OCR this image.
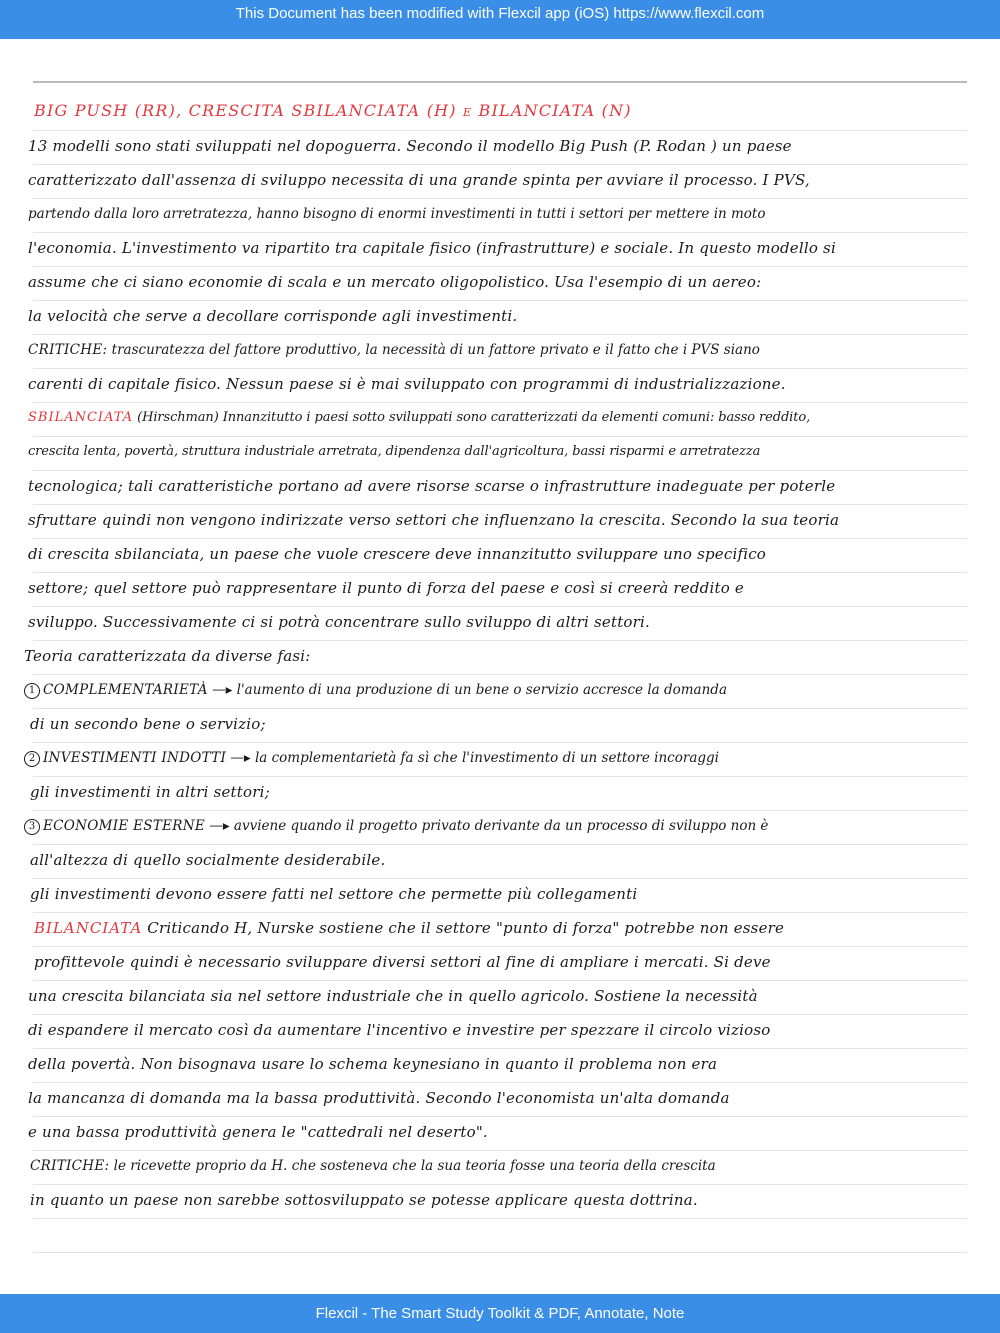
This Document has been modified with Flexcil app (iOS) https://www.flexcil.com
BIG PUSH (RR), CRESCITA SBILANCIATA (H) e BILANCIATA (N)
13 modelli sono stati sviluppati nel dopoguerra. Secondo il modello Big Push (P. Rodan ) un paese
caratterizzato dall'assenza di sviluppo necessita di una grande spinta per avviare il processo. I PVS,
partendo dalla loro arretratezza, hanno bisogno di enormi investimenti in tutti i settori per mettere in moto
l'economia. L'investimento va ripartito tra capitale fisico (infrastrutture) e sociale. In questo modello si
assume che ci siano economie di scala e un mercato oligopolistico. Usa l'esempio di un aereo:
la velocità che serve a decollare corrisponde agli investimenti.
CRITICHE: trascuratezza del fattore produttivo, la necessità di un fattore privato e il fatto che i PVS siano
carenti di capitale fisico. Nessun paese si è mai sviluppato con programmi di industrializzazione.
SBILANCIATA (Hirschman) Innanzitutto i paesi sotto sviluppati sono caratterizzati da elementi comuni: basso reddito,
crescita lenta, povertà, struttura industriale arretrata, dipendenza dall'agricoltura, bassi risparmi e arretratezza
tecnologica; tali caratteristiche portano ad avere risorse scarse o infrastrutture inadeguate per poterle
sfruttare quindi non vengono indirizzate verso settori che influenzano la crescita. Secondo la sua teoria
di crescita sbilanciata, un paese che vuole crescere deve innanzitutto sviluppare uno specifico
settore; quel settore può rappresentare il punto di forza del paese e così si creerà reddito e
sviluppo. Successivamente ci si potrà concentrare sullo sviluppo di altri settori.
Teoria caratterizzata da diverse fasi:
1 COMPLEMENTARIETÀ —▸ l'aumento di una produzione di un bene o servizio accresce la domanda
di un secondo bene o servizio;
2 INVESTIMENTI INDOTTI —▸ la complementarietà fa sì che l'investimento di un settore incoraggi
gli investimenti in altri settori;
3 ECONOMIE ESTERNE —▸ avviene quando il progetto privato derivante da un processo di sviluppo non è
all'altezza di quello socialmente desiderabile.
gli investimenti devono essere fatti nel settore che permette più collegamenti
BILANCIATA Criticando H, Nurske sostiene che il settore "punto di forza" potrebbe non essere
profittevole quindi è necessario sviluppare diversi settori al fine di ampliare i mercati. Si deve
una crescita bilanciata sia nel settore industriale che in quello agricolo. Sostiene la necessità
di espandere il mercato così da aumentare l'incentivo e investire per spezzare il circolo vizioso
della povertà. Non bisognava usare lo schema keynesiano in quanto il problema non era
la mancanza di domanda ma la bassa produttività. Secondo l'economista un'alta domanda
e una bassa produttività genera le "cattedrali nel deserto".
CRITICHE: le ricevette proprio da H. che sosteneva che la sua teoria fosse una teoria della crescita
in quanto un paese non sarebbe sottosviluppato se potesse applicare questa dottrina.
Flexcil - The Smart Study Toolkit & PDF, Annotate, Note
